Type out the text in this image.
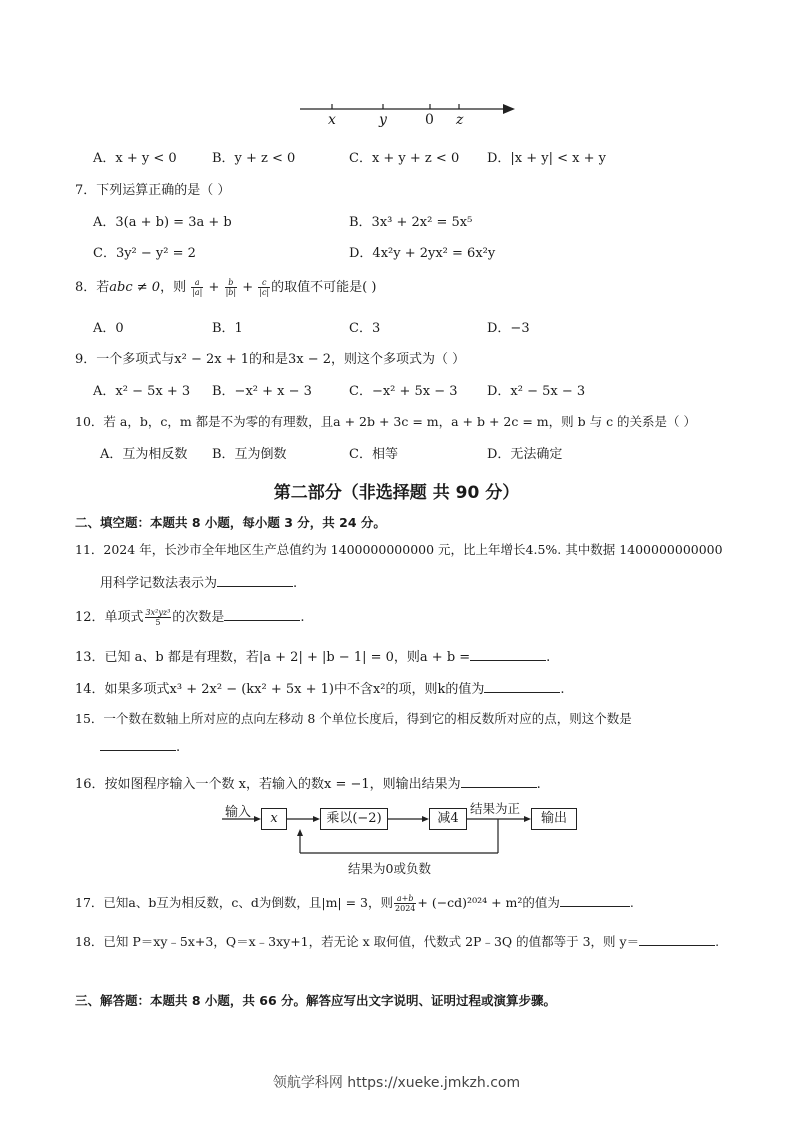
x	y	0 z
A．x + y < 0	B．y + z < 0	C．x + y + z < 0 D．|x + y| < x + y
7．下列运算正确的是（ ）
A．3(a + b) = 3a + b	B．3x³ + 2x² = 5x⁵
C．3y² − y² = 2	D．4x²y + 2yx² = 6x²y
8．若abc ≠ 0，则 $\frac{a}{|a|} + \frac{b}{|b|} + \frac{c}{|c|}$ 的取值不可能是( )
A．0	B．1	C．3	D．−3
9．一个多项式与x² − 2x + 1的和是3x − 2，则这个多项式为（ ）
A．x² − 5x + 3 B．−x² + x − 3	C．−x² + 5x − 3 D．x² − 5x − 3
10．若 a，b，c，m 都是不为零的有理数，且a + 2b + 3c = m，a + b + 2c = m，则 b 与 c 的关系是（ ）
A．互为相反数 B．互为倒数	C．相等	D．无法确定
第二部分（非选择题 共 90 分）
二、填空题：本题共 8 小题，每小题 3 分，共 24 分。
11．2024 年，长沙市全年地区生产总值约为 1400000000000 元，比上年增长4.5%. 其中数据 1400000000000
用科学记数法表示为	.
12．单项式 $\frac{\text{3x²yz³}}{5}$ 的次数是	.
13．已知 a、b 都是有理数，若|a + 2| + |b − 1| = 0，则a + b =	.
14．如果多项式x³ + 2x² − (kx² + 5x + 1)中不含x²的项，则k的值为	.
15．一个数在数轴上所对应的点向左移动 8 个单位长度后，得到它的相反数所对应的点，则这个数是
.
16．按如图程序输入一个数 x，若输入的数x = −1，则输出结果为	.
输入	x	乘以(−2)	减4
结果为正
输出
结果为0或负数
17．已知a、b互为相反数，c、d为倒数，且|m| = 3，则 $\frac{a+b}{2024} + (-cd)^{2024} + m^2$的值为	.
18．已知 P＝xy﹣5x+3，Q＝x﹣3xy+1，若无论 x 取何值，代数式 2P﹣3Q 的值都等于 3，则 y＝	.
三、解答题：本题共 8 小题，共 66 分。解答应写出文字说明、证明过程或演算步骤。
领航学科网 https://xueke.jmkzh.com
